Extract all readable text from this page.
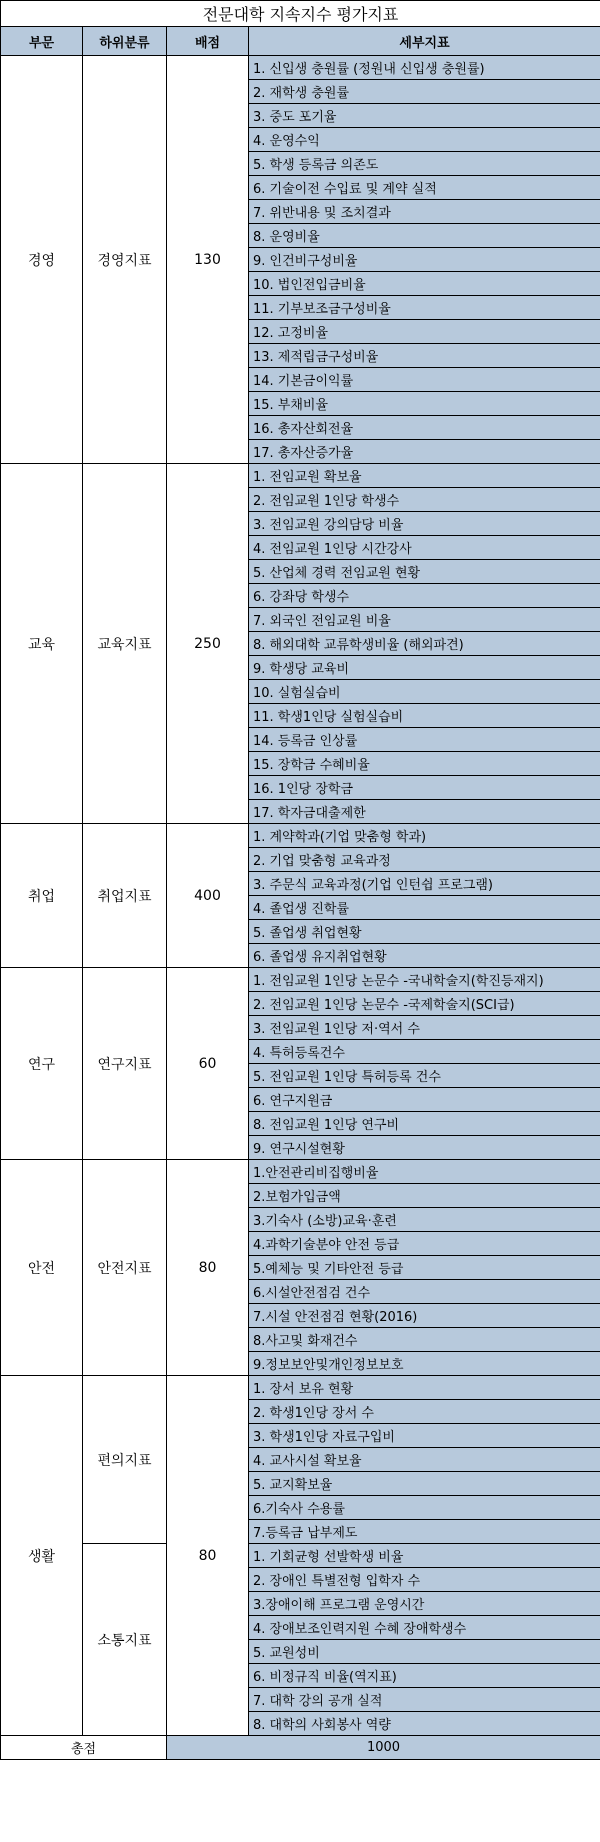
전문대학 지속지수 평가지표			
부문	하위분류	배점	세부지표
경영	경영지표	130	1. 신입생 충원률 (정원내 신입생 충원률)
			2. 재학생 충원률
			3. 중도 포기율
			4. 운영수익
			5. 학생 등록금 의존도
			6. 기술이전 수입료 및 계약 실적
			7. 위반내용 및 조치결과
			8. 운영비율
			9. 인건비구성비율
			10. 법인전입금비율
			11. 기부보조금구성비율
			12. 고정비율
			13. 제적립금구성비율
			14. 기본금이익률
			15. 부채비율
			16. 총자산회전율
			17. 총자산증가율
교육	교육지표	250	1. 전임교원 확보율
			2. 전임교원 1인당 학생수
			3. 전임교원 강의담당 비율
			4. 전임교원 1인당 시간강사
			5. 산업체 경력 전임교원 현황
			6. 강좌당 학생수
			7. 외국인 전임교원 비율
			8. 해외대학 교류학생비율 (해외파견)
			9. 학생당 교육비
			10. 실험실습비
			11. 학생1인당 실험실습비
			14. 등록금 인상률
			15. 장학금 수혜비율
			16. 1인당 장학금
			17. 학자금대출제한
취업	취업지표	400	1. 계약학과(기업 맞춤형 학과)
			2. 기업 맞춤형 교육과정
			3. 주문식 교육과정(기업 인턴쉽 프로그램)
			4. 졸업생 진학률
			5. 졸업생 취업현황
			6. 졸업생 유지취업현황
연구	연구지표	60	1. 전임교원 1인당 논문수 -국내학술지(학진등재지)
			2. 전임교원 1인당 논문수 -국제학술지(SCI급)
			3. 전임교원 1인당 저·역서 수
			4. 특허등록건수
			5. 전임교원 1인당 특허등록 건수
			6. 연구지원금
			8. 전임교원 1인당 연구비
			9. 연구시설현황
안전	안전지표	80	1.안전관리비집행비율
			2.보험가입금액
			3.기숙사 (소방)교육·훈련
			4.과학기술분야 안전 등급
			5.예체능 및 기타안전 등급
			6.시설안전점검 건수
			7.시설 안전점검 현황(2016)
			8.사고및 화재건수
			9.정보보안및개인정보보호
생활	편의지표	80	1. 장서 보유 현황
			2. 학생1인당 장서 수
			3. 학생1인당 자료구입비
			4. 교사시설 확보율
			5. 교지확보율
			6.기숙사 수용률
			7.등록금 납부제도
	소통지표		1. 기회균형 선발학생 비율
			2. 장애인 특별전형 입학자 수
			3.장애이해 프로그램 운영시간
			4. 장애보조인력지원 수혜 장애학생수
			5. 교원성비
			6. 비정규직 비율(역지표)
			7. 대학 강의 공개 실적
			8. 대학의 사회봉사 역량
총점		1000	
